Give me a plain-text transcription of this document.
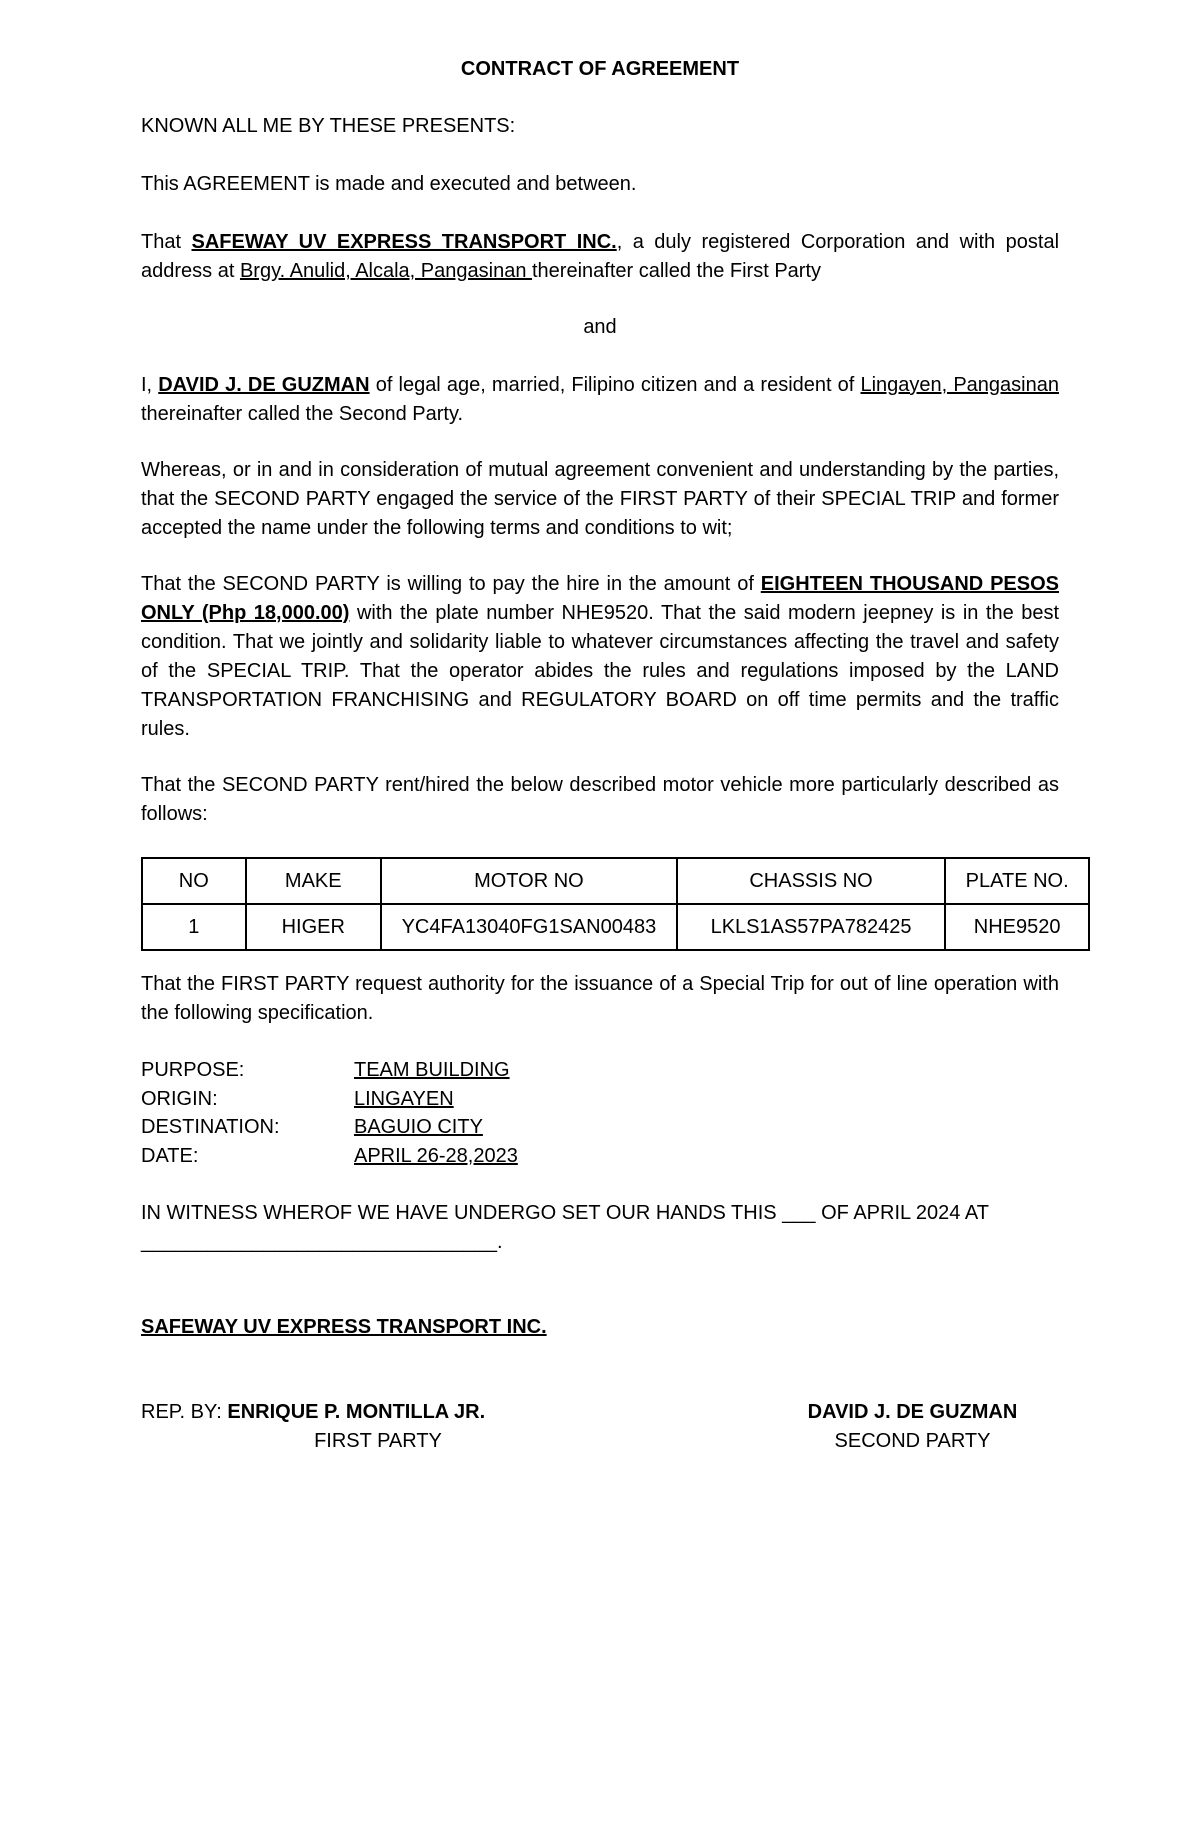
CONTRACT OF AGREEMENT
KNOWN ALL ME BY THESE PRESENTS:
This AGREEMENT is made and executed and between.
That SAFEWAY UV EXPRESS TRANSPORT INC., a duly registered Corporation and with postal address at Brgy. Anulid, Alcala, Pangasinan thereinafter called the First Party
and
I, DAVID J. DE GUZMAN of legal age, married, Filipino citizen and a resident of Lingayen, Pangasinan thereinafter called the Second Party.
Whereas, or in and in consideration of mutual agreement convenient and understanding by the parties, that the SECOND PARTY engaged the service of the FIRST PARTY of their SPECIAL TRIP and former accepted the name under the following terms and conditions to wit;
That the SECOND PARTY is willing to pay the hire in the amount of EIGHTEEN THOUSAND PESOS ONLY (Php 18,000.00) with the plate number NHE9520. That the said modern jeepney is in the best condition. That we jointly and solidarity liable to whatever circumstances affecting the travel and safety of the SPECIAL TRIP. That the operator abides the rules and regulations imposed by the LAND TRANSPORTATION FRANCHISING and REGULATORY BOARD on off time permits and the traffic rules.
That the SECOND PARTY rent/hired the below described motor vehicle more particularly described as follows:
NO	MAKE	MOTOR NO	CHASSIS NO	PLATE NO.
1	HIGER	YC4FA13040FG1SAN00483	LKLS1AS57PA782425	NHE9520
That the FIRST PARTY request authority for the issuance of a Special Trip for out of line operation with the following specification.
PURPOSE:	TEAM BUILDING
ORIGIN:	LINGAYEN
DESTINATION:	BAGUIO CITY
DATE:	APRIL 26-28,2023
IN WITNESS WHEROF WE HAVE UNDERGO SET OUR HANDS THIS ___ OF APRIL 2024 AT
________________________________.
SAFEWAY UV EXPRESS TRANSPORT INC.
REP. BY: ENRIQUE P. MONTILLA JR.
FIRST PARTY
DAVID J. DE GUZMAN
SECOND PARTY
